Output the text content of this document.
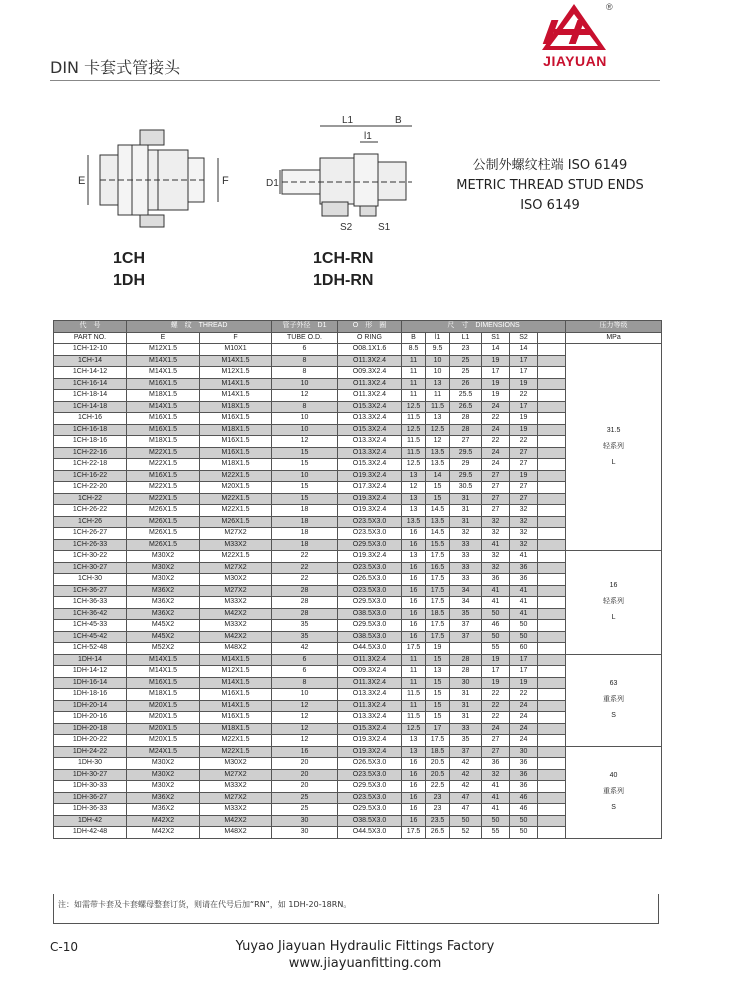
DIN 卡套式管接头
®
JIAYUAN
E	F
L1	B
l1
D1
S2	S1
1CH
1DH
1CH-RN
1DH-RN
公制外螺纹柱端 ISO 6149
METRIC THREAD STUD ENDS
ISO 6149
代　号	螺　纹　THREAD		管子外径　D1	O　形　圈	尺　寸　DIMENSIONS						压力等级
PART NO.	E	F	TUBE O.D.	O RING	B	l1	L1	S1	S2		MPa
1CH-12-10	M12X1.5	M10X1	6	O08.1X1.6	8.5	9.5	23	14	14		31.5
轻系列
L

1CH-14	M14X1.5	M14X1.5	8	O11.3X2.4	11	10	25	19	17		
1CH-14-12	M14X1.5	M12X1.5	8	O09.3X2.4	11	10	25	17	17		
1CH-16-14	M16X1.5	M14X1.5	10	O11.3X2.4	11	13	26	19	19		
1CH-18-14	M18X1.5	M14X1.5	12	O11.3X2.4	11	11	25.5	19	22		
1CH-14-18	M14X1.5	M18X1.5	8	O15.3X2.4	12.5	11.5	26.5	24	17		
1CH-16	M16X1.5	M16X1.5	10	O13.3X2.4	11.5	13	28	22	19		
1CH-16-18	M16X1.5	M18X1.5	10	O15.3X2.4	12.5	12.5	28	24	19		
1CH-18-16	M18X1.5	M16X1.5	12	O13.3X2.4	11.5	12	27	22	22		
1CH-22-16	M22X1.5	M16X1.5	15	O13.3X2.4	11.5	13.5	29.5	24	27		
1CH-22-18	M22X1.5	M18X1.5	15	O15.3X2.4	12.5	13.5	29	24	27		
1CH-16-22	M16X1.5	M22X1.5	10	O19.3X2.4	13	14	29.5	27	19		
1CH-22-20	M22X1.5	M20X1.5	15	O17.3X2.4	12	15	30.5	27	27		
1CH-22	M22X1.5	M22X1.5	15	O19.3X2.4	13	15	31	27	27		
1CH-26-22	M26X1.5	M22X1.5	18	O19.3X2.4	13	14.5	31	27	32		
1CH-26	M26X1.5	M26X1.5	18	O23.5X3.0	13.5	13.5	31	32	32		
1CH-26-27	M26X1.5	M27X2	18	O23.5X3.0	16	14.5	32	32	32		
1CH-26-33	M26X1.5	M33X2	18	O29.5X3.0	16	15.5	33	41	32		
1CH-30-22	M30X2	M22X1.5	22	O19.3X2.4	13	17.5	33	32	41		16
轻系列
L

1CH-30-27	M30X2	M27X2	22	O23.5X3.0	16	16.5	33	32	36		
1CH-30	M30X2	M30X2	22	O26.5X3.0	16	17.5	33	36	36		
1CH-36-27	M36X2	M27X2	28	O23.5X3.0	16	17.5	34	41	41		
1CH-36-33	M36X2	M33X2	28	O29.5X3.0	16	17.5	34	41	41		
1CH-36-42	M36X2	M42X2	28	O38.5X3.0	16	18.5	35	50	41		
1CH-45-33	M45X2	M33X2	35	O29.5X3.0	16	17.5	37	46	50		
1CH-45-42	M45X2	M42X2	35	O38.5X3.0	16	17.5	37	50	50		
1CH-52-48	M52X2	M48X2	42	O44.5X3.0	17.5	19		55	60		
1DH-14	M14X1.5	M14X1.5	6	O11.3X2.4	11	15	28	19	17		63
重系列
S

1DH-14-12	M14X1.5	M12X1.5	6	O09.3X2.4	11	13	28	17	17		
1DH-16-14	M16X1.5	M14X1.5	8	O11.3X2.4	11	15	30	19	19		
1DH-18-16	M18X1.5	M16X1.5	10	O13.3X2.4	11.5	15	31	22	22		
1DH-20-14	M20X1.5	M14X1.5	12	O11.3X2.4	11	15	31	22	24		
1DH-20-16	M20X1.5	M16X1.5	12	O13.3X2.4	11.5	15	31	22	24		
1DH-20-18	M20X1.5	M18X1.5	12	O15.3X2.4	12.5	17	33	24	24		
1DH-20-22	M20X1.5	M22X1.5	12	O19.3X2.4	13	17.5	35	27	24		
1DH-24-22	M24X1.5	M22X1.5	16	O19.3X2.4	13	18.5	37	27	30		40
重系列
S

1DH-30	M30X2	M30X2	20	O26.5X3.0	16	20.5	42	36	36		
1DH-30-27	M30X2	M27X2	20	O23.5X3.0	16	20.5	42	32	36		
1DH-30-33	M30X2	M33X2	20	O29.5X3.0	16	22.5	42	41	36		
1DH-36-27	M36X2	M27X2	25	O23.5X3.0	16	23	47	41	46		
1DH-36-33	M36X2	M33X2	25	O29.5X3.0	16	23	47	41	46		
1DH-42	M42X2	M42X2	30	O38.5X3.0	16	23.5	50	50	50		
1DH-42-48	M42X2	M48X2	30	O44.5X3.0	17.5	26.5	52	55	50		
注：如需带卡套及卡套螺母整套订货，则请在代号后加“RN”，如 1DH-20-18RN。
C-10	Yuyao Jiayuan Hydraulic Fittings Factory
www.jiayuanfitting.com
